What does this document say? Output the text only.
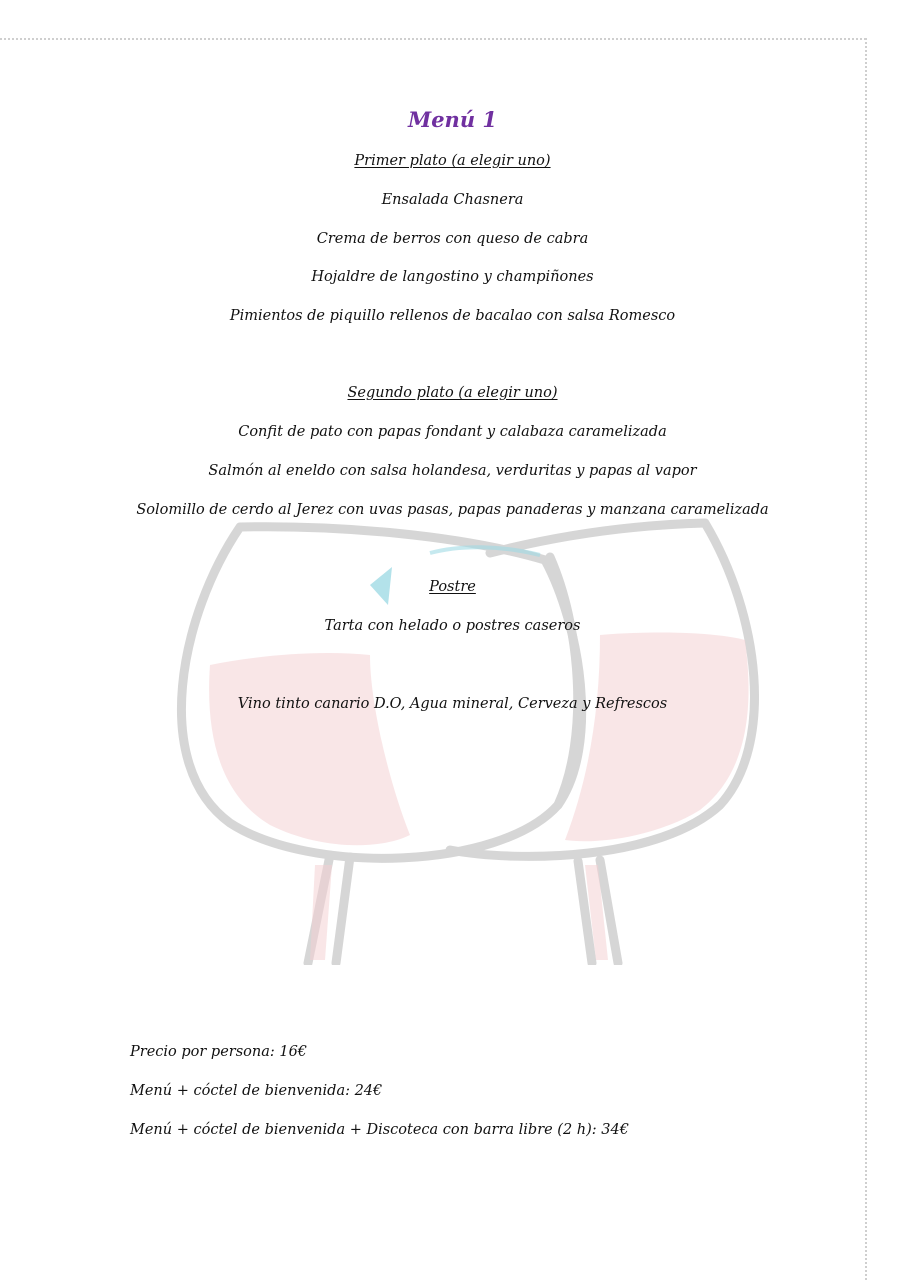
Menú 1
Primer plato (a elegir uno)
Ensalada Chasnera
Crema de berros con queso de cabra
Hojaldre de langostino y champiñones
Pimientos de piquillo rellenos de bacalao con salsa Romesco
Segundo plato (a elegir uno)
Confit de pato con papas fondant y calabaza caramelizada
Salmón al eneldo con salsa holandesa, verduritas y papas al vapor
Solomillo de cerdo al Jerez con uvas pasas, papas panaderas y manzana caramelizada
Postre
Tarta con helado o postres caseros
Vino tinto canario D.O, Agua mineral, Cerveza y Refrescos
Precio por persona: 16€
Menú + cóctel de bienvenida: 24€
Menú + cóctel de bienvenida + Discoteca con barra libre (2 h): 34€
